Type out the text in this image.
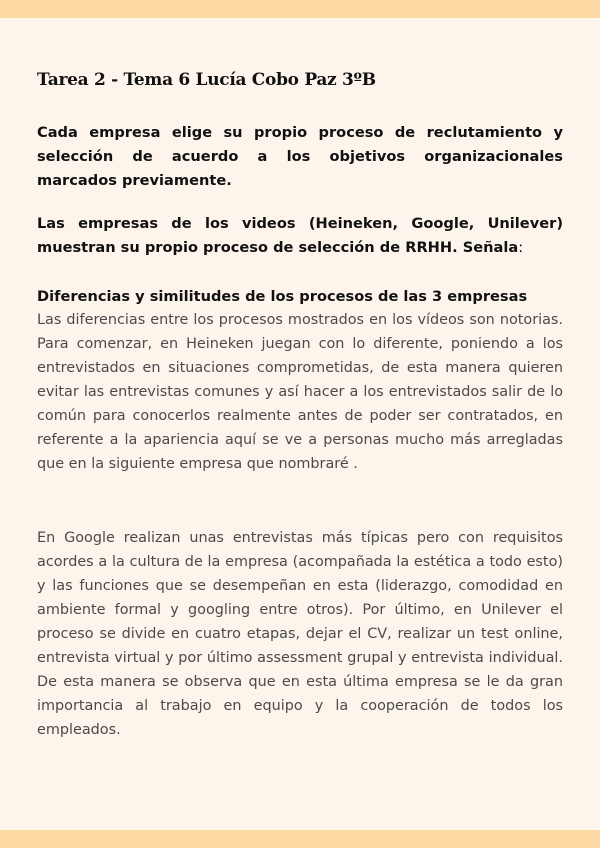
Tarea 2 - Tema 6 Lucía Cobo Paz 3ºB

Cada empresa elige su propio proceso de reclutamiento y selección de acuerdo a los objetivos organizacionales marcados previamente.

Las empresas de los videos (Heineken, Google, Unilever) muestran su propio proceso de selección de RRHH. Señala:

Diferencias y similitudes de los procesos de las 3 empresas

Las diferencias entre los procesos mostrados en los vídeos son notorias. Para comenzar, en Heineken juegan con lo diferente, poniendo a los entrevistados en situaciones comprometidas, de esta manera quieren evitar las entrevistas comunes y así hacer a los entrevistados salir de lo común para conocerlos realmente antes de poder ser contratados, en referente a la apariencia aquí se ve a personas mucho más arregladas que en la siguiente empresa que nombraré .

En Google realizan unas entrevistas más típicas pero con requisitos acordes a la cultura de la empresa (acompañada la estética a todo esto) y las funciones que se desempeñan en esta (liderazgo, comodidad en ambiente formal y googling entre otros). Por último, en Unilever el proceso se divide en cuatro etapas, dejar el CV, realizar un test online, entrevista virtual y por último assessment grupal y entrevista individual. De esta manera se observa que en esta última empresa se le da gran importancia al trabajo en equipo y la cooperación de todos los empleados.
